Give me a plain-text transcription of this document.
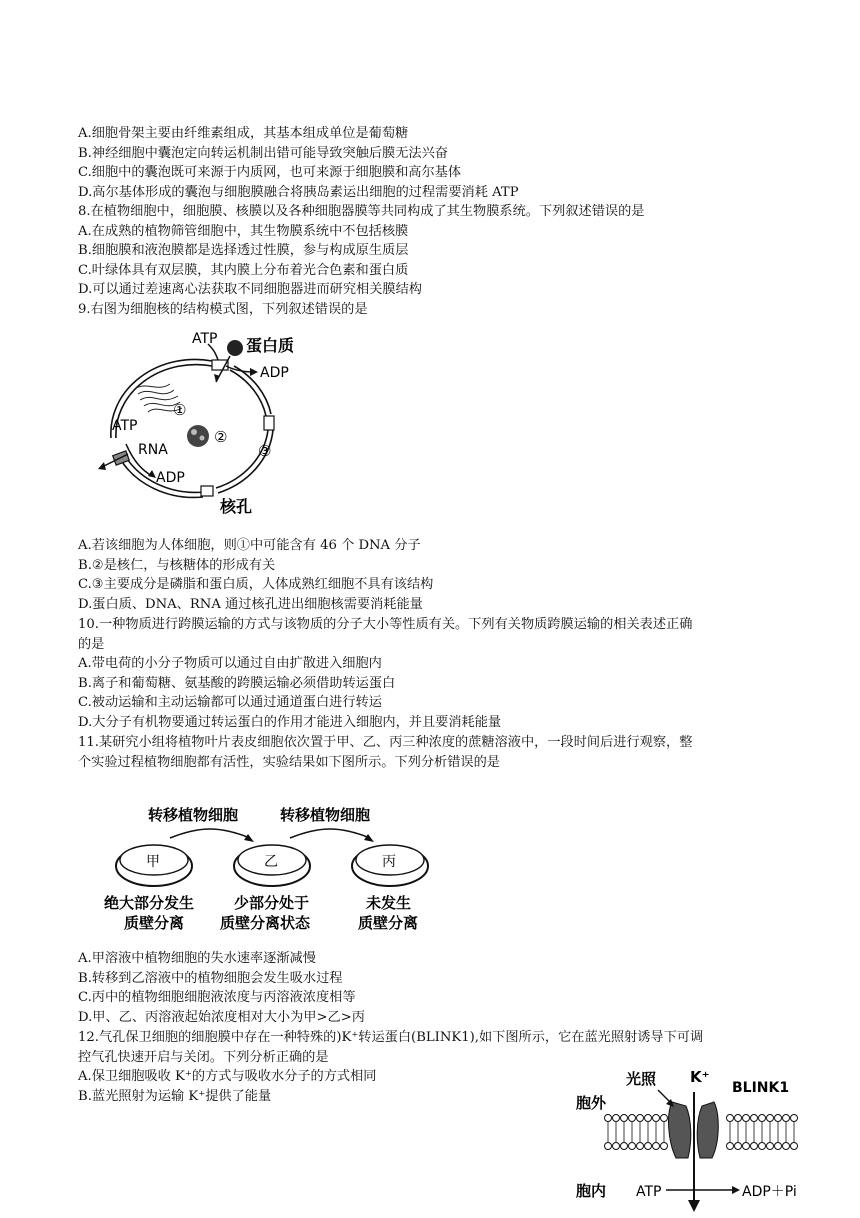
A.细胞骨架主要由纤维素组成，其基本组成单位是葡萄糖
B.神经细胞中囊泡定向转运机制出错可能导致突触后膜无法兴奋
C.细胞中的囊泡既可来源于内质网，也可来源于细胞膜和高尔基体
D.高尔基体形成的囊泡与细胞膜融合将胰岛素运出细胞的过程需要消耗 ATP
8.在植物细胞中，细胞膜、核膜以及各种细胞器膜等共同构成了其生物膜系统。下列叙述错误的是
A.在成熟的植物筛管细胞中，其生物膜系统中不包括核膜
B.细胞膜和液泡膜都是选择透过性膜，参与构成原生质层
C.叶绿体具有双层膜，其内膜上分布着光合色素和蛋白质
D.可以通过差速离心法获取不同细胞器进而研究相关膜结构
9.右图为细胞核的结构模式图，下列叙述错误的是
ATP 蛋白质
ADP
①
②
③
ATP
RNA
ADP
核孔
A.若该细胞为人体细胞，则①中可能含有 46 个 DNA 分子
B.②是核仁，与核糖体的形成有关
C.③主要成分是磷脂和蛋白质，人体成熟红细胞不具有该结构
D.蛋白质、DNA、RNA 通过核孔进出细胞核需要消耗能量
10.一种物质进行跨膜运输的方式与该物质的分子大小等性质有关。下列有关物质跨膜运输的相关表述正确
的是
A.带电荷的小分子物质可以通过自由扩散进入细胞内
B.离子和葡萄糖、氨基酸的跨膜运输必须借助转运蛋白
C.被动运输和主动运输都可以通过通道蛋白进行转运
D.大分子有机物要通过转运蛋白的作用才能进入细胞内，并且要消耗能量
11.某研究小组将植物叶片表皮细胞依次置于甲、乙、丙三种浓度的蔗糖溶液中，一段时间后进行观察，整
个实验过程植物细胞都有活性，实验结果如下图所示。下列分析错误的是
转移植物细胞	转移植物细胞
甲	乙	丙
绝大部分发生
质壁分离
少部分处于
质壁分离状态
未发生
质壁分离
A.甲溶液中植物细胞的失水速率逐渐减慢
B.转移到乙溶液中的植物细胞会发生吸水过程
C.丙中的植物细胞细胞液浓度与丙溶液浓度相等
D.甲、乙、丙溶液起始浓度相对大小为甲>乙>丙
12.气孔保卫细胞的细胞膜中存在一种特殊的)K⁺转运蛋白(BLINK1),如下图所示，它在蓝光照射诱导下可调
控气孔快速开启与关闭。下列分析正确的是
A.保卫细胞吸收 K⁺的方式与吸收水分子的方式相同
B.蓝光照射为运输 K⁺提供了能量
光照 K⁺
BLINK1
胞外
胞内 ATP	ADP＋Pi
